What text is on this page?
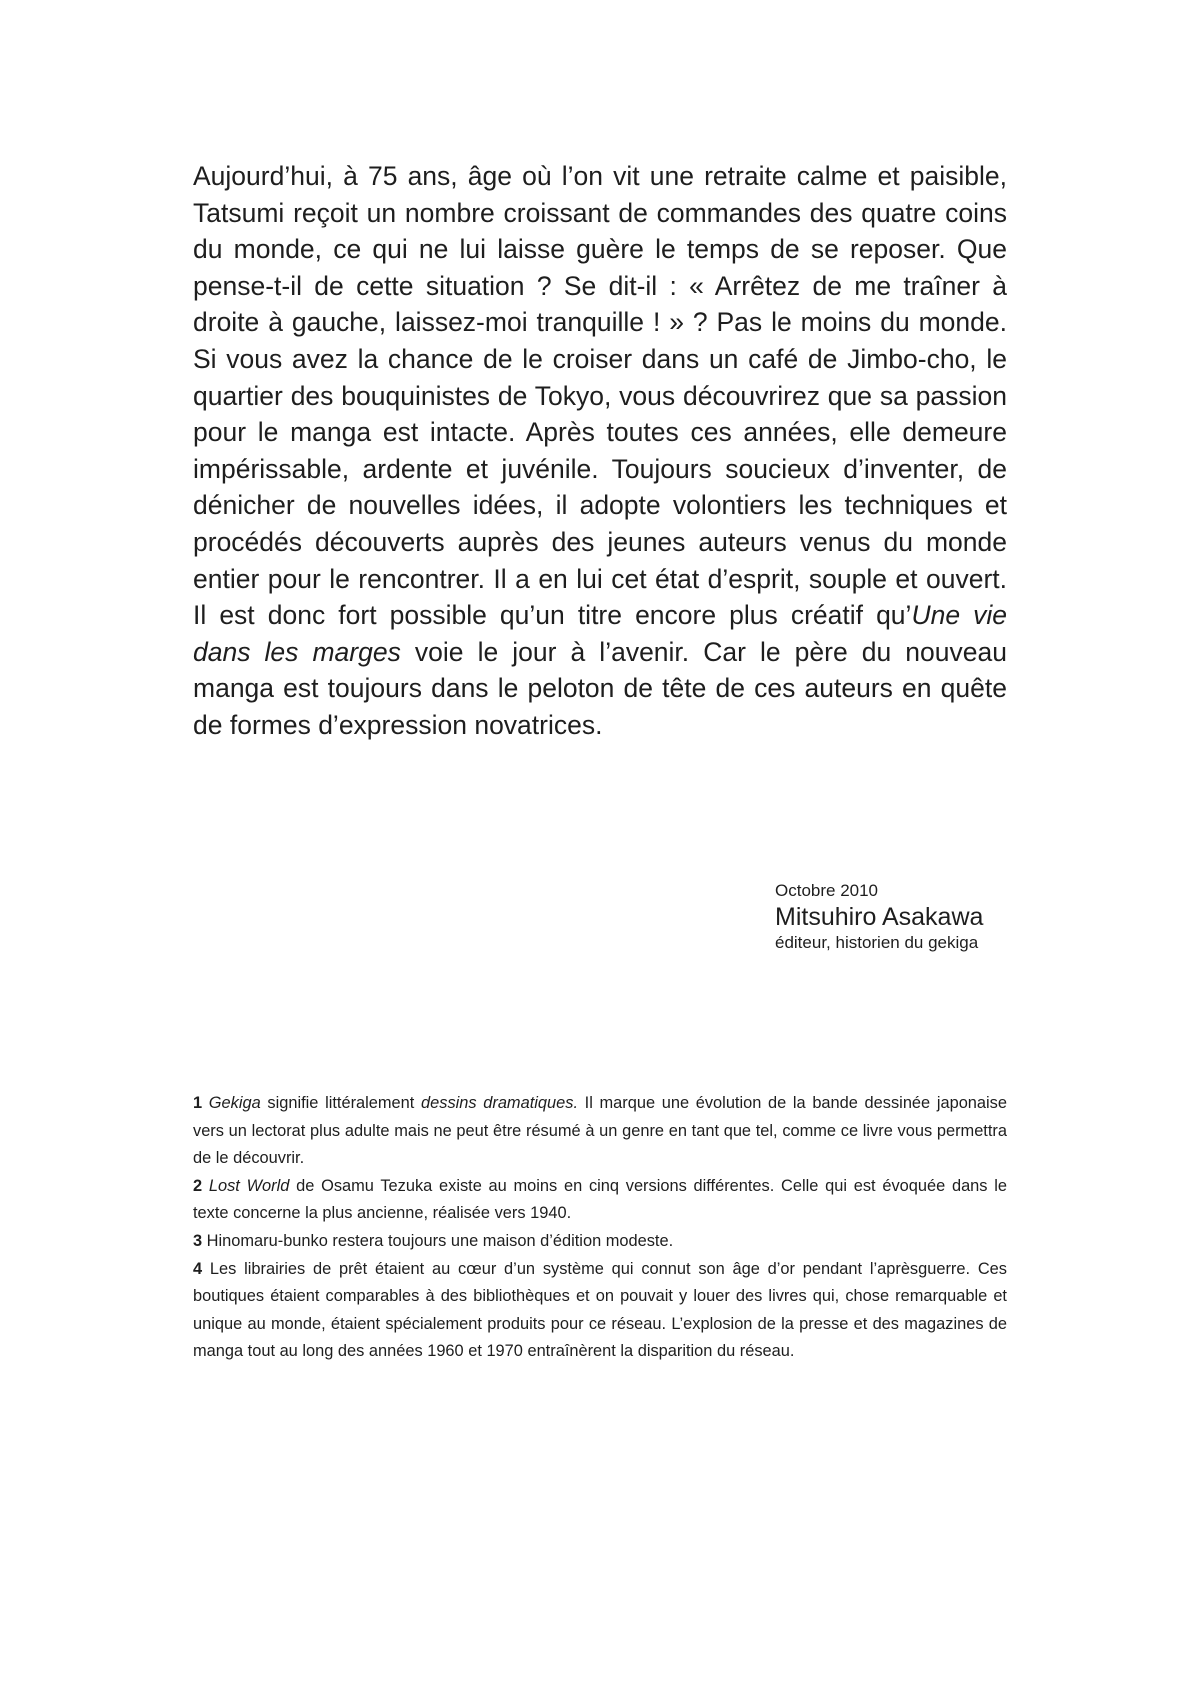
Aujourd’hui, à 75 ans, âge où l’on vit une retraite calme et paisible, Tatsumi reçoit un nombre croissant de commandes des quatre coins du monde, ce qui ne lui laisse guère le temps de se reposer. Que pense-t-il de cette situation ? Se dit-il : « Arrêtez de me traîner à droite à gauche, laissez-moi tranquille ! » ? Pas le moins du monde. Si vous avez la chance de le croiser dans un café de Jimbo-cho, le quartier des bouquinistes de Tokyo, vous découvrirez que sa passion pour le manga est intacte. Après toutes ces années, elle demeure impérissable, ardente et juvénile. Toujours soucieux d’inventer, de dénicher de nouvelles idées, il adopte volontiers les techniques et procédés découverts auprès des jeunes auteurs venus du monde entier pour le rencontrer. Il a en lui cet état d’esprit, souple et ouvert. Il est donc fort possible qu’un titre encore plus créatif qu’Une vie dans les marges voie le jour à l’avenir. Car le père du nouveau manga est toujours dans le peloton de tête de ces auteurs en quête de formes d’expression novatrices.

Octobre 2010
Mitsuhiro Asakawa
éditeur, historien du gekiga

1 Gekiga signifie littéralement dessins dramatiques. Il marque une évolution de la bande dessinée japonaise vers un lectorat plus adulte mais ne peut être résumé à un genre en tant que tel, comme ce livre vous permettra de le découvrir.

2 Lost World de Osamu Tezuka existe au moins en cinq versions différentes. Celle qui est évoquée dans le texte concerne la plus ancienne, réalisée vers 1940.

3 Hinomaru-bunko restera toujours une maison d’édition modeste.

4 Les librairies de prêt étaient au cœur d’un système qui connut son âge d’or pendant l’aprèsguerre. Ces boutiques étaient comparables à des bibliothèques et on pouvait y louer des livres qui, chose remarquable et unique au monde, étaient spécialement produits pour ce réseau. L’explosion de la presse et des magazines de manga tout au long des années 1960 et 1970 entraînèrent la disparition du réseau.
